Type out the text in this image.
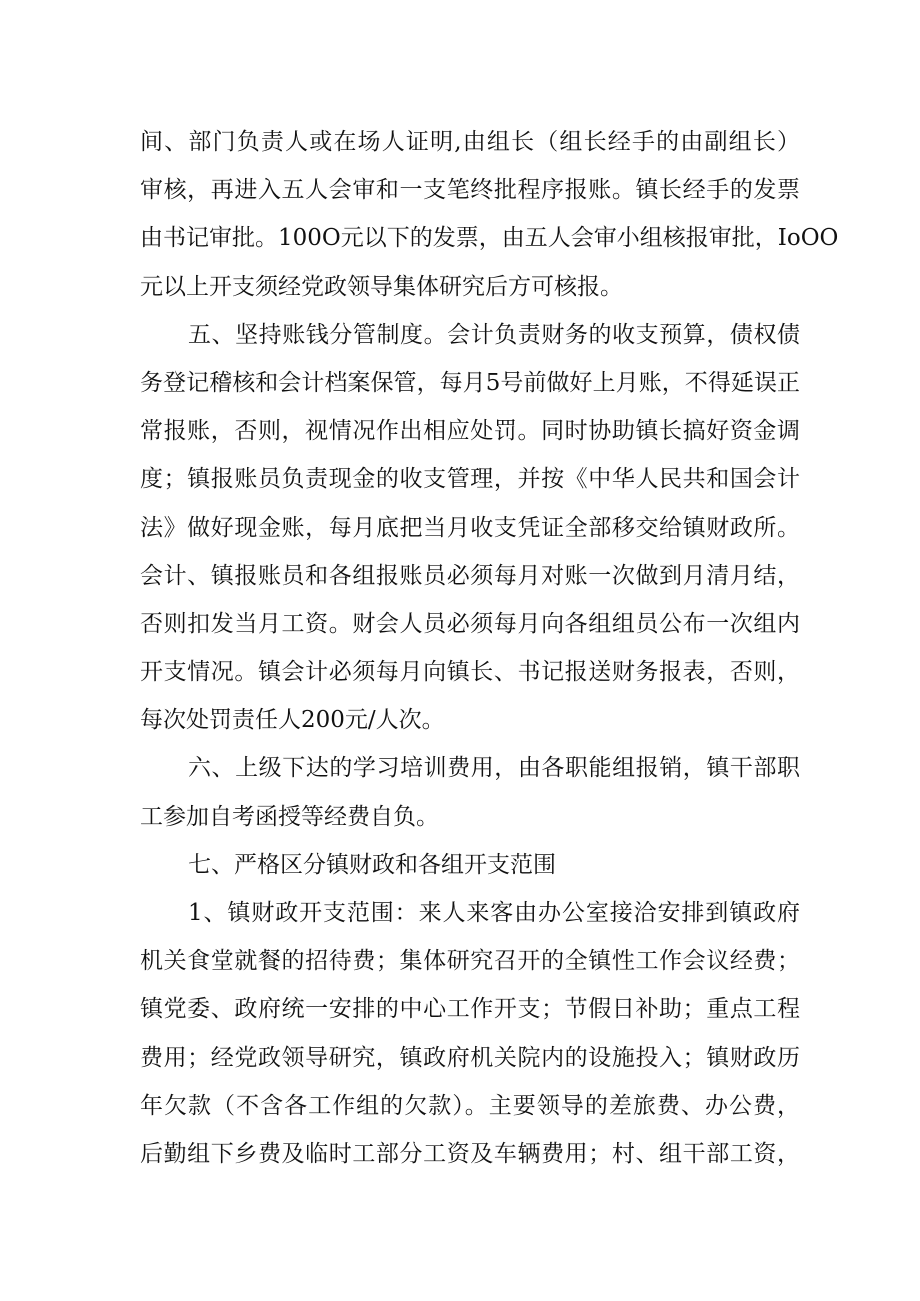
间、部门负责人或在场人证明,由组长（组长经手的由副组长）
审核，再进入五人会审和一支笔终批程序报账。镇长经手的发票
由书记审批。100O元以下的发票，由五人会审小组核报审批，IoOO
元以上开支须经党政领导集体研究后方可核报。
五、坚持账钱分管制度。会计负责财务的收支预算，债权债
务登记稽核和会计档案保管，每月5号前做好上月账，不得延误正
常报账，否则，视情况作出相应处罚。同时协助镇长搞好资金调
度；镇报账员负责现金的收支管理，并按《中华人民共和国会计
法》做好现金账，每月底把当月收支凭证全部移交给镇财政所。
会计、镇报账员和各组报账员必须每月对账一次做到月清月结，
否则扣发当月工资。财会人员必须每月向各组组员公布一次组内
开支情况。镇会计必须每月向镇长、书记报送财务报表，否则，
每次处罚责任人200元/人次。
六、上级下达的学习培训费用，由各职能组报销，镇干部职
工参加自考函授等经费自负。
七、严格区分镇财政和各组开支范围
1、镇财政开支范围：来人来客由办公室接洽安排到镇政府
机关食堂就餐的招待费；集体研究召开的全镇性工作会议经费；
镇党委、政府统一安排的中心工作开支；节假日补助；重点工程
费用；经党政领导研究，镇政府机关院内的设施投入；镇财政历
年欠款（不含各工作组的欠款）。主要领导的差旅费、办公费，
后勤组下乡费及临时工部分工资及车辆费用；村、组干部工资，
